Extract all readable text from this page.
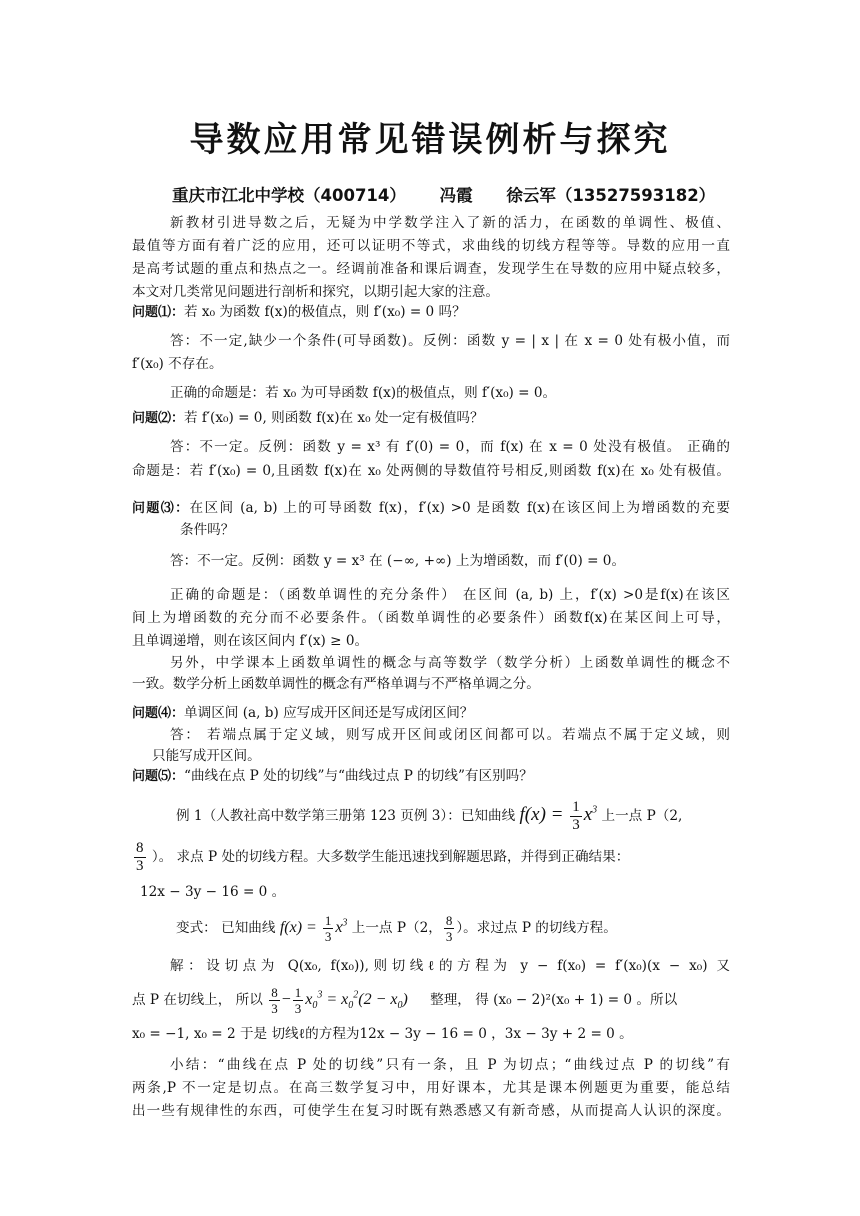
导数应用常见错误例析与探究
重庆市江北中学校（400714） 冯霞 徐云军（13527593182）
新教材引进导数之后，无疑为中学数学注入了新的活力，在函数的单调性、极值、
最值等方面有着广泛的应用，还可以证明不等式，求曲线的切线方程等等。导数的应用一直
是高考试题的重点和热点之一。经调前准备和课后调查，发现学生在导数的应用中疑点较多，
本文对几类常见问题进行剖析和探究，以期引起大家的注意。
问题⑴：若 x₀ 为函数 f(x)的极值点，则 f′(x₀) = 0 吗？
答：不一定,缺少一个条件(可导函数)。反例：函数 y = | x | 在 x = 0 处有极小值，而
f′(x₀) 不存在。
正确的命题是：若 x₀ 为可导函数 f(x)的极值点，则 f′(x₀) = 0。
问题⑵：若 f′(x₀) = 0, 则函数 f(x)在 x₀ 处一定有极值吗？
答：不一定。反例：函数 y = x³ 有 f′(0) = 0，而 f(x) 在 x = 0 处没有极值。 正确的
命题是：若 f′(x₀) = 0,且函数 f(x)在 x₀ 处两侧的导数值符号相反,则函数 f(x)在 x₀ 处有极值。
问题⑶：在区间 (a, b) 上的可导函数 f(x)，f′(x) >0 是函数 f(x)在该区间上为增函数的充要
条件吗？
答：不一定。反例：函数 y = x³ 在 (−∞, +∞) 上为增函数，而 f′(0) = 0。
正确的命题是：（函数单调性的充分条件） 在区间 (a, b) 上，f′(x) >0是f(x)在该区
间上为增函数的充分而不必要条件。（函数单调性的必要条件）函数f(x)在某区间上可导，
且单调递增，则在该区间内 f′(x) ≥ 0。
另外，中学课本上函数单调性的概念与高等数学（数学分析）上函数单调性的概念不
一致。数学分析上函数单调性的概念有严格单调与不严格单调之分。
问题⑷：单调区间 (a, b) 应写成开区间还是写成闭区间？
答： 若端点属于定义域，则写成开区间或闭区间都可以。若端点不属于定义域，则
只能写成开区间。
问题⑸：“曲线在点 P 处的切线”与“曲线过点 P 的切线”有区别吗？
例 1（人教社高中数学第三册第 123 页例 3）：已知曲线 $f(x) = \frac{1}{3} x^3$ 上一点 P（2,
$\frac{8}{3}$ ）。 求点 P 处的切线方程。大多数学生能迅速找到解题思路，并得到正确结果：
12x − 3y − 16 = 0 。
变式： 已知曲线 $f(x) = \frac{1}{3} x^3$ 上一点 P（2， $\frac{8}{3}$ ）。求过点 P 的切线方程。
解：设切点为 Q(x₀, f(x₀)),则切线ℓ的方程为 y − f(x₀) = f′(x₀)(x − x₀) 又
点 P 在切线上， 所以 $\frac{8}{3} - \frac{1}{3} x_0^3 = x_0^2(2 - x_0)$ 整理， 得 (x₀ − 2)²(x₀ + 1) = 0 。所以
x₀ = −1, x₀ = 2 于是 切线ℓ的方程为12x − 3y − 16 = 0 ，3x − 3y + 2 = 0 。
小结：“曲线在点 P 处的切线”只有一条，且 P 为切点；“曲线过点 P 的切线”有
两条,P 不一定是切点。在高三数学复习中，用好课本，尤其是课本例题更为重要，能总结
出一些有规律性的东西，可使学生在复习时既有熟悉感又有新奇感，从而提高人认识的深度。
